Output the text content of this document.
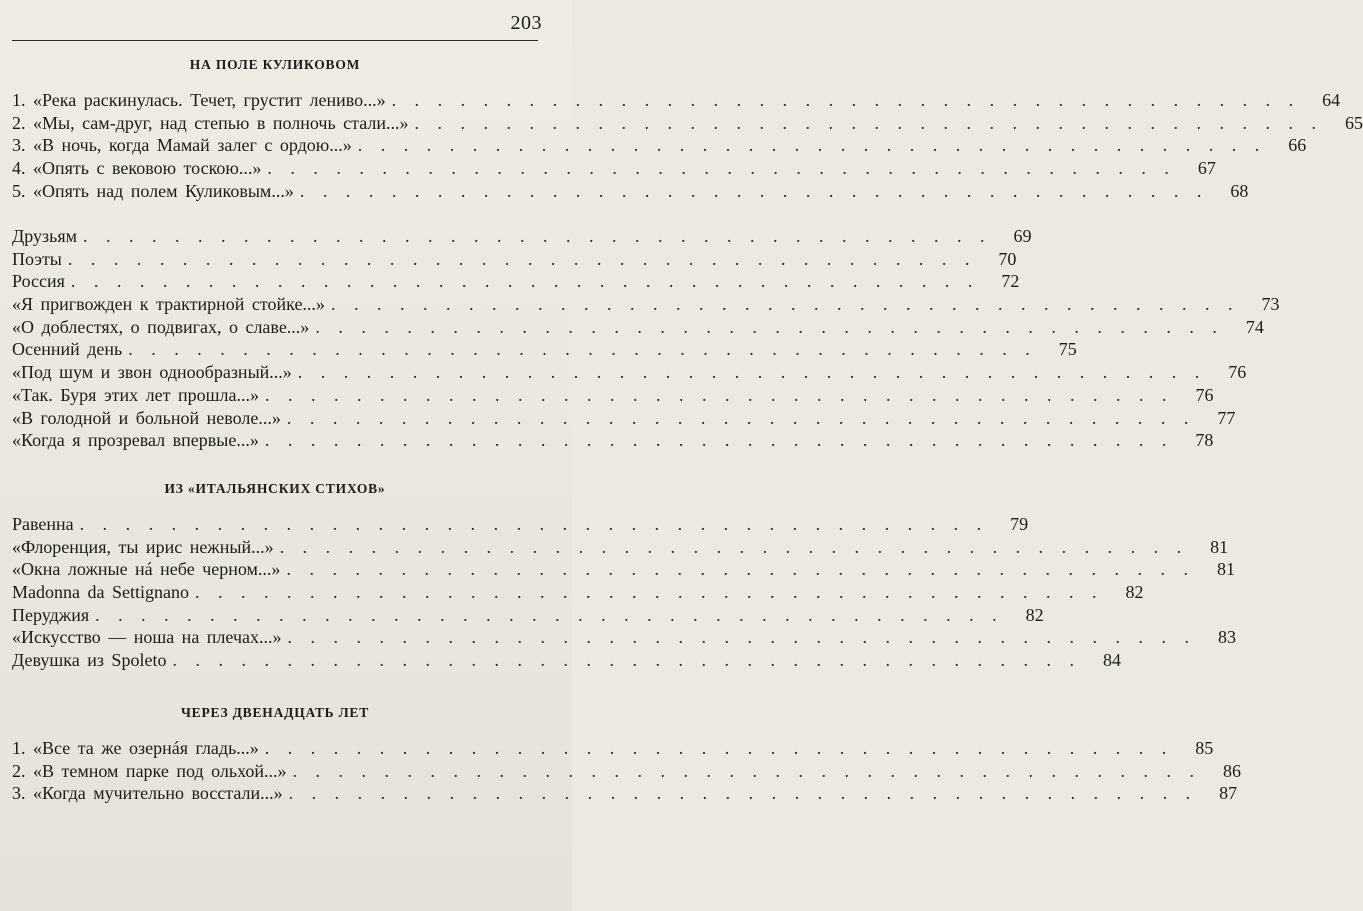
203
НА ПОЛЕ КУЛИКОВОМ
1. «Река раскинулась. Течет, грустит лениво...» . . . . . . . . . . . . . . . . . . . . . . . . . . . . . . . . . . . . . . . .	64
2. «Мы, сам-друг, над степью в полночь стали...» . . . . . . . . . . . . . . . . . . . . . . . . . . . . . . . . . . . . . . . .	65
3. «В ночь, когда Мамай залег с ордою...» . . . . . . . . . . . . . . . . . . . . . . . . . . . . . . . . . . . . . . . .	66
4. «Опять с вековою тоскою...» . . . . . . . . . . . . . . . . . . . . . . . . . . . . . . . . . . . . . . . .	67
5. «Опять над полем Куликовым...» . . . . . . . . . . . . . . . . . . . . . . . . . . . . . . . . . . . . . . . .	68
Друзьям . . . . . . . . . . . . . . . . . . . . . . . . . . . . . . . . . . . . . . . .	69
Поэты . . . . . . . . . . . . . . . . . . . . . . . . . . . . . . . . . . . . . . . .	70
Россия . . . . . . . . . . . . . . . . . . . . . . . . . . . . . . . . . . . . . . . .	72
«Я пригвожден к трактирной стойке...» . . . . . . . . . . . . . . . . . . . . . . . . . . . . . . . . . . . . . . . .	73
«О доблестях, о подвигах, о славе...» . . . . . . . . . . . . . . . . . . . . . . . . . . . . . . . . . . . . . . . .	74
Осенний день . . . . . . . . . . . . . . . . . . . . . . . . . . . . . . . . . . . . . . . .	75
«Под шум и звон однообразный...» . . . . . . . . . . . . . . . . . . . . . . . . . . . . . . . . . . . . . . . .	76
«Так. Буря этих лет прошла...» . . . . . . . . . . . . . . . . . . . . . . . . . . . . . . . . . . . . . . . .	76
«В голодной и больной неволе...» . . . . . . . . . . . . . . . . . . . . . . . . . . . . . . . . . . . . . . . .	77
«Когда я прозревал впервые...» . . . . . . . . . . . . . . . . . . . . . . . . . . . . . . . . . . . . . . . .	78
ИЗ «ИТАЛЬЯНСКИХ СТИХОВ»
Равенна . . . . . . . . . . . . . . . . . . . . . . . . . . . . . . . . . . . . . . . .	79
«Флоренция, ты ирис нежный...» . . . . . . . . . . . . . . . . . . . . . . . . . . . . . . . . . . . . . . . .	81
«Окна ложные нá небе черном...» . . . . . . . . . . . . . . . . . . . . . . . . . . . . . . . . . . . . . . . .	81
Madonna da Settignano . . . . . . . . . . . . . . . . . . . . . . . . . . . . . . . . . . . . . . . .	82
Перуджия . . . . . . . . . . . . . . . . . . . . . . . . . . . . . . . . . . . . . . . .	82
«Искусство — ноша на плечах...» . . . . . . . . . . . . . . . . . . . . . . . . . . . . . . . . . . . . . . . .	83
Девушка из Spoleto . . . . . . . . . . . . . . . . . . . . . . . . . . . . . . . . . . . . . . . .	84
ЧЕРЕЗ ДВЕНАДЦАТЬ ЛЕТ
1. «Все та же озернáя гладь...» . . . . . . . . . . . . . . . . . . . . . . . . . . . . . . . . . . . . . . . .	85
2. «В темном парке под ольхой...» . . . . . . . . . . . . . . . . . . . . . . . . . . . . . . . . . . . . . . . .	86
3. «Когда мучительно восстали...» . . . . . . . . . . . . . . . . . . . . . . . . . . . . . . . . . . . . . . . .	87
